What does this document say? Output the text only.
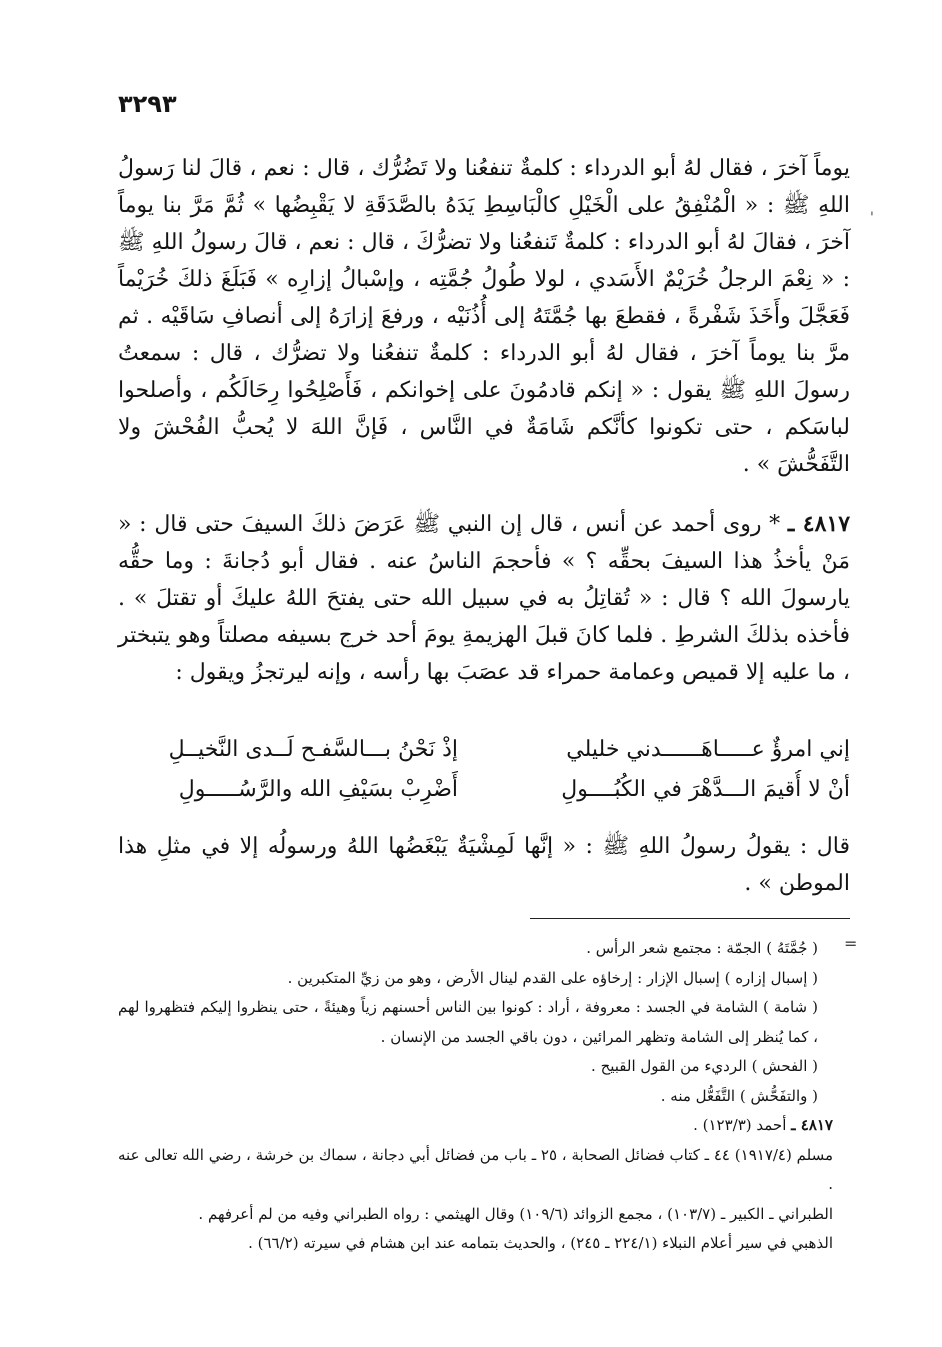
٣٢٩٣
'
يوماً آخرَ ، فقال لهُ أبو الدرداء : كلمةٌ تنفعُنا ولا تَضُرُّك ، قال : نعم ، قالَ لنا رَسولُ اللهِ ﷺ : « الْمُنْفِقُ على الْخَيْلِ كالْبَاسِطِ يَدَهُ بالصَّدَقَةِ لا يَقْبِضُها » ثُمَّ مَرَّ بنا يوماً آخرَ ، فقالَ لهُ أبو الدرداء : كلمةٌ تَنفعُنا ولا تضرُّكَ ، قال : نعم ، قالَ رسولُ اللهِ ﷺ : « نِعْمَ الرجلُ خُرَيْمٌ الأَسَدي ، لولا طُولُ جُمَّتِه ، وإسْبالُ إزارِه » فَبَلَغَ ذلكَ خُرَيْماً فَعَجَّلَ وأَخَذَ شَفْرةً ، فقطعَ بها جُمَّتَهُ إلى أُذُنَيْه ، ورفعَ إزارَهُ إلى أنصافِ سَاقَيْه . ثم مرَّ بنا يوماً آخرَ ، فقال لهُ أبو الدرداء : كلمةٌ تنفعُنا ولا تضرُّك ، قال : سمعتُ رسولَ اللهِ ﷺ يقول : « إنكم قادمُونَ على إخوانكم ، فَأَصْلِحُوا رِحَالَكُم ، وأصلحوا لباسَكم ، حتى تكونوا كأنَّكم شَامَةٌ في النَّاس ، فَإنَّ اللهَ لا يُحبُّ الفُحْشَ ولا التَّفَحُّشَ » .
٤٨١٧ ـ * روى أحمد عن أنس ، قال إن النبي ﷺ عَرَضَ ذلكَ السيفَ حتى قال : « مَنْ يأخذُ هذا السيفَ بحقِّه ؟ » فأحجمَ الناسُ عنه . فقال أبو دُجانةَ : وما حقُّه يارسولَ الله ؟ قال : « تُقاتِلُ به في سبيل الله حتى يفتحَ اللهُ عليكَ أو تقتلَ » . فأخذه بذلكَ الشرطِ . فلما كانَ قبلَ الهزيمةِ يومَ أحد خرج بسيفه مصلتاً وهو يتبختر ، ما عليه إلا قميص وعمامة حمراء قد عصَبَ بها رأسه ، وإنه ليرتجزُ ويقول :
إني امرؤٌ عـــــاهَــــــدني خليلي
إذْ نَحْنُ بـــالسَّفـح لَــدى النَّخيــلِ
أنْ لا أُقيمَ الـــدَّهْرَ في الكُبُــــولِ
أَضْرِبْ بسَيْفِ الله والرَّسُـــــولِ
قال : يقولُ رسولُ اللهِ ﷺ : « إنَّها لَمِشْيَةٌ يَبْغَضُها اللهُ ورسولُه إلا في مثلِ هذا الموطن » .
=

( جُمَّتَهُ ) الجمّة : مجتمع شعر الرأس .

( إسبال إزاره ) إسبال الإزار : إرخاؤه على القدم لينال الأرض ، وهو من زيِّ المتكبرين .

( شامة ) الشامة في الجسد : معروفة ، أراد : كونوا بين الناس أحسنهم زياً وهيئةً ، حتى ينظروا إليكم فتظهروا لهم ، كما يُنظر إلى الشامة وتظهر المرائين ، دون باقي الجسد من الإنسان .

( الفحش ) الرديء من القول القبيح .

( والتفَحُّش ) التَّفَعُّل منه .

٤٨١٧ ـ أحمد (١٢٣/٣) .

مسلم (١٩١٧/٤) ٤٤ ـ كتاب فضائل الصحابة ، ٢٥ ـ باب من فضائل أبي دجانة ، سماك بن خرشة ، رضي الله تعالى عنه .

الطبراني ـ الكبير ـ (١٠٣/٧) ، مجمع الزوائد (١٠٩/٦) وقال الهيثمي : رواه الطبراني وفيه من لم أعرفهم .

الذهبي في سير أعلام النبلاء (٢٢٤/١ ـ ٢٤٥) ، والحديث بتمامه عند ابن هشام في سيرته (٦٦/٢) .
